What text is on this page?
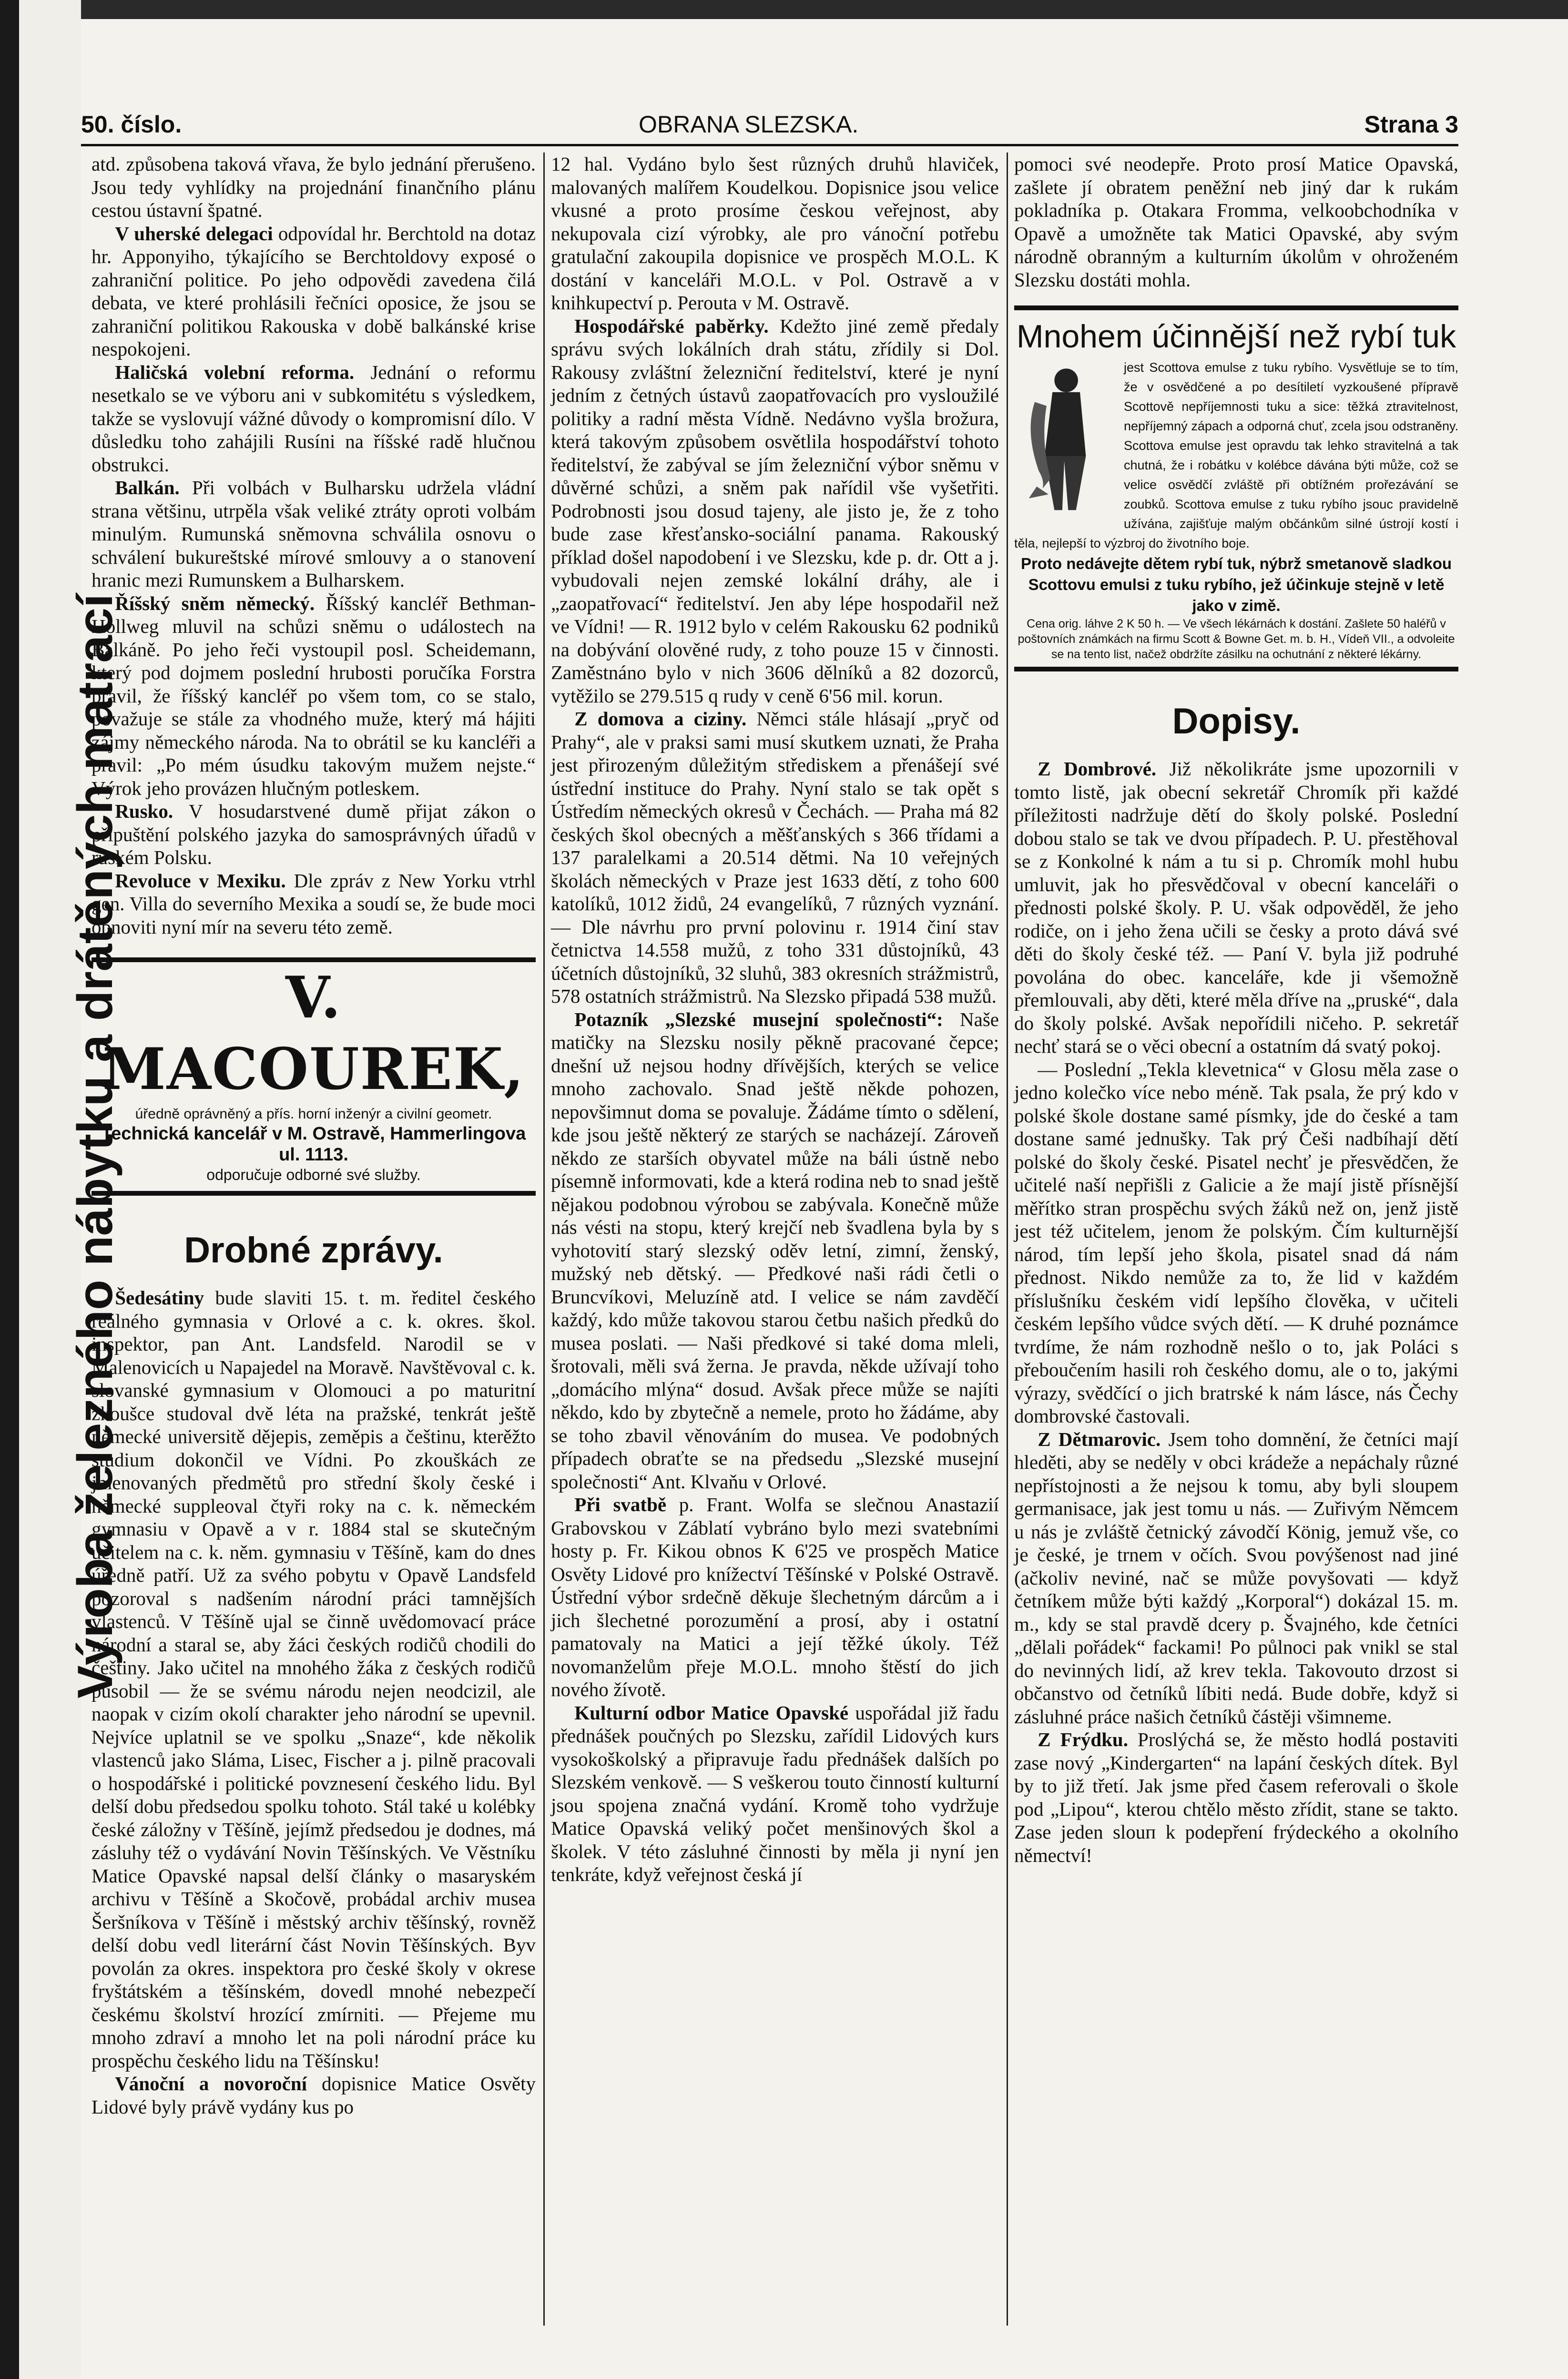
Výroba železného nábytku a drátěných matrací
50. číslo.	OBRANA SLEZSKA.	Strana 3

atd. způsobena taková vřava, že bylo jednání přerušeno. Jsou tedy vyhlídky na projednání finančního plánu cestou ústavní špatné.

V uherské delegaci odpovídal hr. Berchtold na dotaz hr. Apponyiho, týkajícího se Berchtoldovy exposé o zahraniční politice. Po jeho odpovědi zavedena čilá debata, ve které prohlásili řečníci oposice, že jsou se zahraniční politikou Rakouska v době balkánské krise nespokojeni.

Haličská volební reforma. Jednání o reformu nesetkalo se ve výboru ani v subkomitétu s výsledkem, takže se vyslovují vážné důvody o kompromisní dílo. V důsledku toho zahájili Rusíni na říšské radě hlučnou obstrukci.

Balkán. Při volbách v Bulharsku udržela vládní strana většinu, utrpěla však veliké ztráty oproti volbám minulým. Rumunská sněmovna schválila osnovu o schválení bukureštské mírové smlouvy a o stanovení hranic mezi Rumunskem a Bulharskem.

Říšský sněm německý. Říšský kancléř Bethman-Hollweg mluvil na schůzi sněmu o událostech na Balkáně. Po jeho řeči vystoupil posl. Scheidemann, který pod dojmem poslední hrubosti poručíka Forstra pravil, že říšský kancléř po všem tom, co se stalo, považuje se stále za vhodného muže, který má hájiti zájmy německého národa. Na to obrátil se ku kancléři a pravil: „Po mém úsudku takovým mužem nejste.“ Výrok jeho provázen hlučným potleskem.

Rusko. V hosudarstvené dumě přijat zákon o připuštění polského jazyka do samosprávných úřadů v ruském Polsku.

Revoluce v Mexiku. Dle zpráv z New Yorku vtrhl gen. Villa do severního Mexika a soudí se, že bude moci obnoviti nyní mír na severu této země.

V. MACOUREK,
úředně oprávněný a přís. horní inženýr a civilní geometr.
Technická kancelář v M. Ostravě, Hammerlingova ul. 1113.
odporučuje odborné své služby.
Drobné zprávy.

Šedesátiny bude slaviti 15. t. m. ředitel českého reálného gymnasia v Orlové a c. k. okres. škol. inspektor, pan Ant. Landsfeld. Narodil se v Malenovicích u Napajedel na Moravě. Navštěvoval c. k. slovanské gymnasium v Olomouci a po maturitní zkoušce studoval dvě léta na pražské, tenkrát ještě německé universitě dějepis, zeměpis a češtinu, kterěžto studium dokončil ve Vídni. Po zkouškách ze jmenovaných předmětů pro střední školy české i německé suppleoval čtyři roky na c. k. německém gymnasiu v Opavě a v r. 1884 stal se skutečným učitelem na c. k. něm. gymnasiu v Těšíně, kam do dnes úředně patří. Už za svého pobytu v Opavě Landsfeld pozoroval s nadšením národní práci tamnějších vlastenců. V Těšíně ujal se činně uvědomovací práce národní a staral se, aby žáci českých rodičů chodili do češtiny. Jako učitel na mnohého žáka z českých rodičů působil — že se svému národu nejen neodcizil, ale naopak v cizím okolí charakter jeho národní se upevnil. Nejvíce uplatnil se ve spolku „Snaze“, kde několik vlastenců jako Sláma, Lisec, Fischer a j. pilně pracovali o hospodářské i politické povznesení českého lidu. Byl delší dobu předsedou spolku tohoto. Stál také u kolébky české záložny v Těšíně, jejímž předsedou je dodnes, má zásluhy též o vydávání Novin Těšínských. Ve Věstníku Matice Opavské napsal delší články o masaryském archivu v Těšíně a Skočově, probádal archiv musea Šeršníkova v Těšíně i městský archiv těšínský, rovněž delší dobu vedl literární část Novin Těšínských. Byv povolán za okres. inspektora pro české školy v okrese fryštátském a těšínském, dovedl mnohé nebezpečí českému školství hrozící zmírniti. — Přejeme mu mnoho zdraví a mnoho let na poli národní práce ku prospěchu českého lidu na Těšínsku!

Vánoční a novoroční dopisnice Matice Osvěty Lidové byly právě vydány kus po

12 hal. Vydáno bylo šest různých druhů hlaviček, malovaných malířem Koudelkou. Dopisnice jsou velice vkusné a proto prosíme českou veřejnost, aby nekupovala cizí výrobky, ale pro vánoční potřebu gratulační zakoupila dopisnice ve prospěch M.O.L. K dostání v kanceláři M.O.L. v Pol. Ostravě a v knihkupectví p. Perouta v M. Ostravě.

Hospodářské paběrky. Kdežto jiné země předaly správu svých lokálních drah státu, zřídily si Dol. Rakousy zvláštní železniční ředitelství, které je nyní jedním z četných ústavů zaopatřovacích pro vysloužilé politiky a radní města Vídně. Nedávno vyšla brožura, která takovým způsobem osvětlila hospodářství tohoto ředitelství, že zabýval se jím železniční výbor sněmu v důvěrné schůzi, a sněm pak nařídil vše vyšetřiti. Podrobnosti jsou dosud tajeny, ale jisto je, že z toho bude zase křesťansko-sociální panama. Rakouský příklad došel napodobení i ve Slezsku, kde p. dr. Ott a j. vybudovali nejen zemské lokální dráhy, ale i „zaopatřovací“ ředitelství. Jen aby lépe hospodařil než ve Vídni! — R. 1912 bylo v celém Rakousku 62 podniků na dobývání olověné rudy, z toho pouze 15 v činnosti. Zaměstnáno bylo v nich 3606 dělníků a 82 dozorců, vytěžilo se 279.515 q rudy v ceně 6'56 mil. korun.

Z domova a ciziny. Němci stále hlásají „pryč od Prahy“, ale v praksi sami musí skutkem uznati, že Praha jest přirozeným důležitým střediskem a přenášejí své ústřední instituce do Prahy. Nyní stalo se tak opět s Ústředím německých okresů v Čechách. — Praha má 82 českých škol obecných a měšťanských s 366 třídami a 137 paralelkami a 20.514 dětmi. Na 10 veřejných školách německých v Praze jest 1633 dětí, z toho 600 katolíků, 1012 židů, 24 evangelíků, 7 různých vyznání. — Dle návrhu pro první polovinu r. 1914 činí stav četnictva 14.558 mužů, z toho 331 důstojníků, 43 účetních důstojníků, 32 sluhů, 383 okresních strážmistrů, 578 ostatních strážmistrů. Na Slezsko připadá 538 mužů.

Potazník „Slezské musejní společnosti“: Naše matičky na Slezsku nosily pěkně pracované čepce; dnešní už nejsou hodny dřívějších, kterých se velice mnoho zachovalo. Snad ještě někde pohozen, nepovšimnut doma se povaluje. Žádáme tímto o sdělení, kde jsou ještě některý ze starých se nacházejí. Zároveň někdo ze starších obyvatel může na báli ústně nebo písemně informovati, kde a která rodina neb to snad ještě nějakou podobnou výrobou se zabývala. Konečně může nás vésti na stopu, který krejčí neb švadlena byla by s vyhotovití starý slezský oděv letní, zimní, ženský, mužský neb dětský. — Předkové naši rádi četli o Bruncvíkovi, Meluzíně atd. I velice se nám zavděčí každý, kdo může takovou starou četbu našich předků do musea poslati. — Naši předkové si také doma mleli, šrotovali, měli svá žerna. Je pravda, někde užívají toho „domácího mlýna“ dosud. Avšak přece může se najíti někdo, kdo by zbytečně a nemele, proto ho žádáme, aby se toho zbavil věnováním do musea. Ve podobných případech obraťte se na předsedu „Slezské musejní společnosti“ Ant. Klvaňu v Orlové.

Při svatbě p. Frant. Wolfa se slečnou Anastazií Grabovskou v Záblatí vybráno bylo mezi svatebními hosty p. Fr. Kikou obnos K 6'25 ve prospěch Matice Osvěty Lidové pro knížectví Těšínské v Polské Ostravě. Ústřední výbor srdečně děkuje šlechetným dárcům a i jich šlechetné porozumění a prosí, aby i ostatní pamatovaly na Matici a její těžké úkoly. Též novomanželům přeje M.O.L. mnoho štěstí do jich nového žívotě.

Kulturní odbor Matice Opavské uspořádal již řadu přednášek poučných po Slezsku, zařídil Lidových kurs vysokoškolský a připravuje řadu přednášek dalších po Slezském venkově. — S veškerou touto činností kulturní jsou spojena značná vydání. Kromě toho vydržuje Matice Opavská veliký počet menšinových škol a školek. V této zásluhné činnosti by měla ji nyní jen tenkráte, když veřejnost česká jí

pomoci své neodepře. Proto prosí Matice Opavská, zašlete jí obratem peněžní neb jiný dar k rukám pokladníka p. Otakara Fromma, velkoobchodníka v Opavě a umožněte tak Matici Opavské, aby svým národně obranným a kulturním úkolům v ohroženém Slezsku dostáti mohla.

Mnohem účinnější než rybí tuk
jest Scottova emulse z tuku rybího. Vysvětluje se to tím, že v osvědčené a po desítiletí vyzkoušené přípravě Scottově nepříjemnosti tuku a sice: těžká ztravitelnost, nepříjemný zápach a odporná chuť, zcela jsou odstraněny. Scottova emulse jest opravdu tak lehko stravitelná a tak chutná, že i robátku v kolébce dávána býti může, což se velice osvědčí zvláště při obtížném prořezávání se zoubků. Scottova emulse z tuku rybího jsouc pravidelně užívána, zajišťuje malým občánkům silné ústrojí kostí i těla, nejlepší to výzbroj do životního boje.
Proto nedávejte dětem rybí tuk, nýbrž smetanově sladkou Scottovu emulsi z tuku rybího, jež účinkuje stejně v letě jako v zimě.
Cena orig. láhve 2 K 50 h. — Ve všech lékárnách k dostání. Zašlete 50 haléřů v poštovních známkách na firmu Scott & Bowne Get. m. b. H., Vídeň VII., a odvoleite se na tento list, načež obdržíte zásilku na ochutnání z některé lékárny.
Dopisy.

Z Dombrové. Již několikráte jsme upozornili v tomto listě, jak obecní sekretář Chromík při každé příležitosti nadržuje dětí do školy polské. Poslední dobou stalo se tak ve dvou případech. P. U. přestěhoval se z Konkolné k nám a tu si p. Chromík mohl hubu umluvit, jak ho přesvědčoval v obecní kanceláři o přednosti polské školy. P. U. však odpověděl, že jeho rodiče, on i jeho žena učili se česky a proto dává své děti do školy české též. — Paní V. byla již podruhé povolána do obec. kanceláře, kde ji všemožně přemlouvali, aby děti, které měla dříve na „pruské“, dala do školy polské. Avšak nepořídili ničeho. P. sekretář nechť stará se o věci obecní a ostatním dá svatý pokoj.

— Poslední „Tekla klevetnica“ v Glosu měla zase o jedno kolečko více nebo méně. Tak psala, že prý kdo v polské škole dostane samé písmky, jde do české a tam dostane samé jednušky. Tak prý Češi nadbíhají dětí polské do školy české. Pisatel nechť je přesvědčen, že učitelé naší nepřišli z Galicie a že mají jistě přísnější měřítko stran prospěchu svých žáků než on, jenž jistě jest též učitelem, jenom že polským. Čím kulturnější národ, tím lepší jeho škola, pisatel snad dá nám přednost. Nikdo nemůže za to, že lid v každém příslušníku českém vidí lepšího člověka, v učiteli českém lepšího vůdce svých dětí. — K druhé poznámce tvrdíme, že nám rozhodně nešlo o to, jak Poláci s přeboučením hasili roh českého domu, ale o to, jakými výrazy, svědčící o jich bratrské k nám lásce, nás Čechy dombrovské častovali.

Z Dětmarovic. Jsem toho domnění, že četníci mají hleděti, aby se neděly v obci krádeže a nepáchaly různé nepřístojnosti a že nejsou k tomu, aby byli sloupem germanisace, jak jest tomu u nás. — Zuřivým Němcem u nás je zvláště četnický závodčí König, jemuž vše, co je české, je trnem v očích. Svou povýšenost nad jiné (ačkoliv neviné, nač se může povyšovati — když četníkem může býti každý „Korporal“) dokázal 15. m. m., kdy se stal pravdě dcery p. Švajného, kde četníci „dělali pořádek“ fackami! Po půlnoci pak vnikl se stal do nevinných lidí, až krev tekla. Takovouto drzost si občanstvo od četníků líbiti nedá. Bude dobře, když si zásluhné práce našich četníků částěji všimneme.

Z Frýdku. Proslýchá se, že město hodlá postaviti zase nový „Kindergarten“ na lapání českých dítek. Byl by to již třetí. Jak jsme před časem referovali o škole pod „Lipou“, kterou chtělo město zřídit, stane se takto. Zase jeden slouп k podepření frýdeckého a okolního němectví!
